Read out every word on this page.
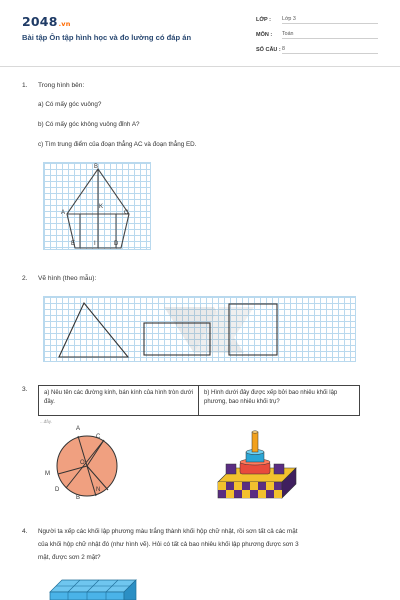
2048.vn
Bài tập Ôn tập hình học và đo lường có đáp án
LỚP : Lớp 3
MÔN : Toán
SỐ CÂU : 8
1. Trong hình bên:
a) Có mấy góc vuông?
b) Có mấy góc không vuông đỉnh A?
c) Tìm trung điểm của đoạn thẳng AC và đoạn thẳng ED.
B
A	C
K
E	I	D
2. Vẽ hình (theo mẫu):
3.	a) Nêu tên các đường kính, bán kính của hình tròn dưới đây.
b) Hình dưới đây được xếp bởi bao nhiêu khối lập phương, bao nhiêu khối trụ?
...đây.
A
C
O
M
D	N
B
4. Người ta xếp các khối lập phương màu trắng thành khối hộp chữ nhật, rồi sơn tất cả các mặt
của khối hộp chữ nhật đó (như hình vẽ). Hỏi có tất cả bao nhiêu khối lập phương được sơn 3
mặt, được sơn 2 mặt?
